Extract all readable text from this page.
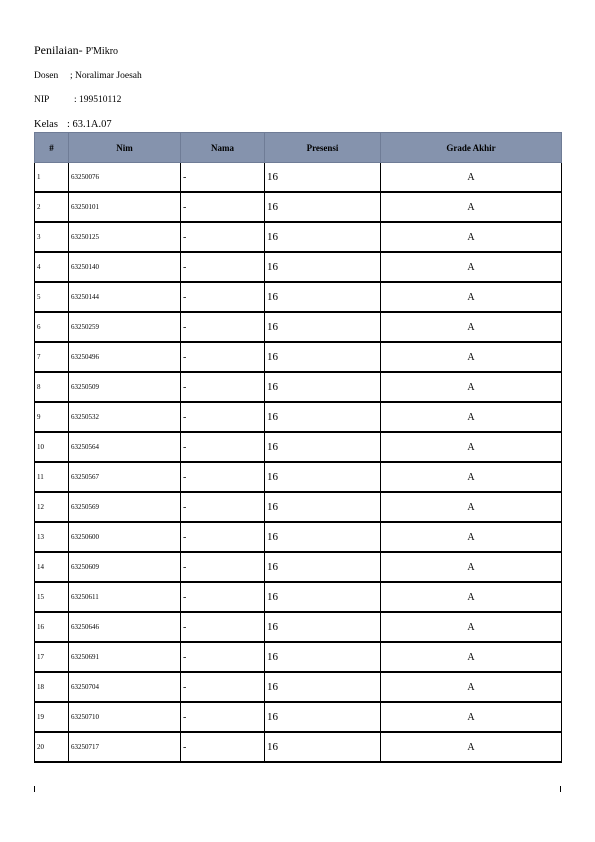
Penilaian- P'Mikro
Dosen ; Noralimar Joesah
NIP	: 199510112
Kelas : 63.1A.07
#	Nim	Nama	Presensi	Grade Akhir
1	63250076	-	16	A
2	63250101	-	16	A
3	63250125	-	16	A
4	63250140	-	16	A
5	63250144	-	16	A
6	63250259	-	16	A
7	63250496	-	16	A
8	63250509	-	16	A
9	63250532	-	16	A
10	63250564	-	16	A
11	63250567	-	16	A
12	63250569	-	16	A
13	63250600	-	16	A
14	63250609	-	16	A
15	63250611	-	16	A
16	63250646	-	16	A
17	63250691	-	16	A
18	63250704	-	16	A
19	63250710	-	16	A
20	63250717	-	16	A
